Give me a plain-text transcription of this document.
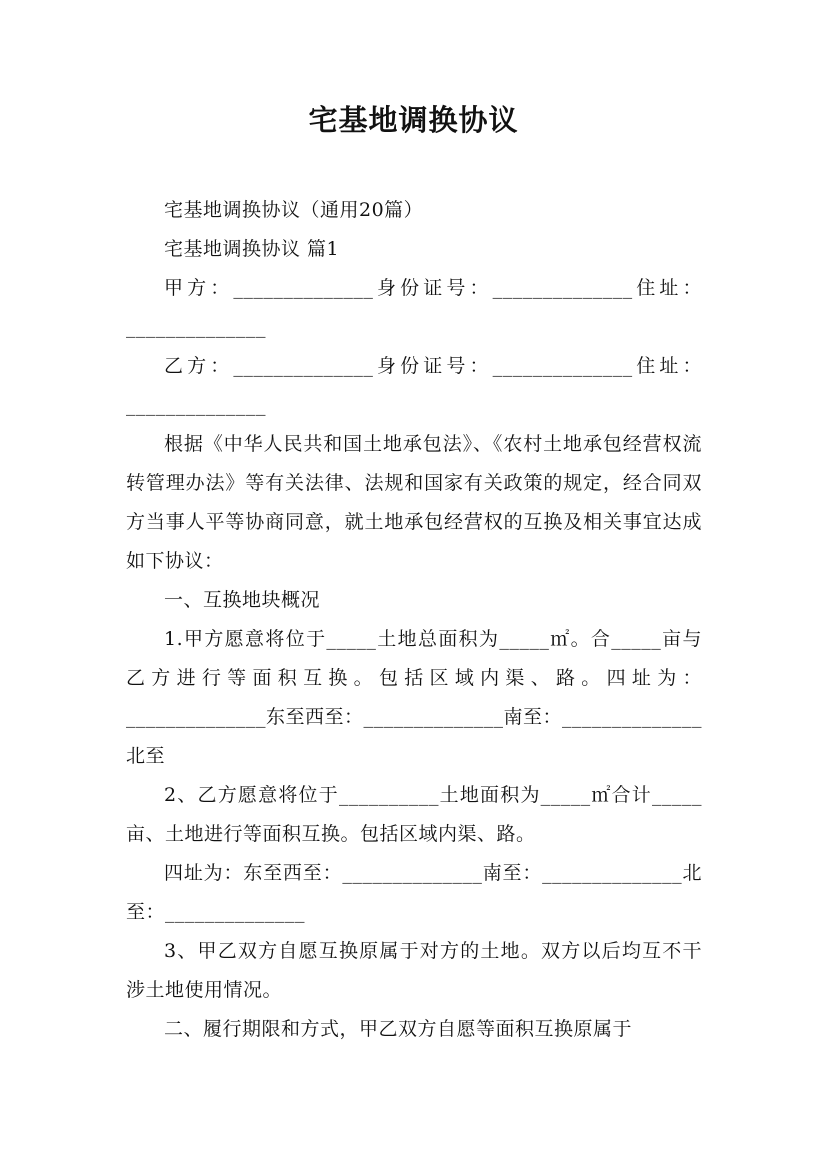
宅基地调换协议

宅基地调换协议（通用20篇）

宅基地调换协议 篇1

甲方：______________身份证号：______________住址：______________

乙方：______________身份证号：______________住址：______________

根据《中华人民共和国土地承包法》、《农村土地承包经营权流转管理办法》等有关法律、法规和国家有关政策的规定，经合同双方当事人平等协商同意，就土地承包经营权的互换及相关事宜达成如下协议：

一、互换地块概况

1.甲方愿意将位于_____土地总面积为_____㎡。合_____亩与乙方进行等面积互换。包括区域内渠、路。四址为：______________东至西至：______________南至：______________北至

2、乙方愿意将位于__________土地面积为_____㎡合计_____亩、土地进行等面积互换。包括区域内渠、路。

四址为：东至西至：______________南至：______________北至：______________

3、甲乙双方自愿互换原属于对方的土地。双方以后均互不干涉土地使用情况。

二、履行期限和方式，甲乙双方自愿等面积互换原属于
